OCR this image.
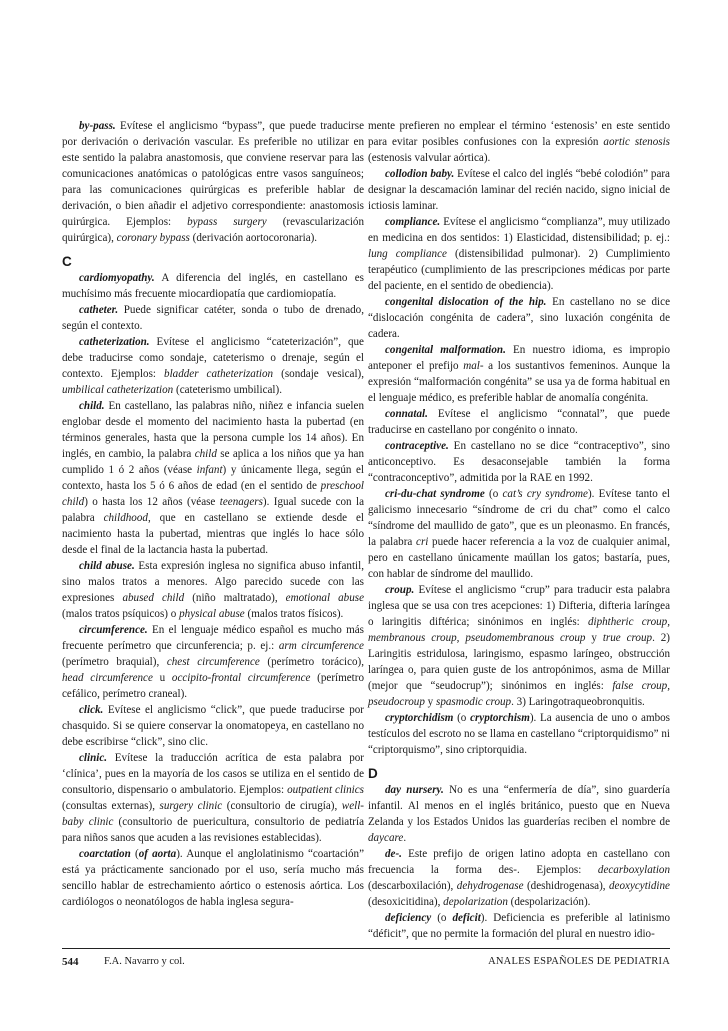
by-pass. Evítese el anglicismo “bypass”, que puede traducirse por derivación o derivación vascular. Es preferible no utilizar en este sentido la palabra anastomosis, que conviene reservar para las comunicaciones anatómicas o patológicas entre vasos sanguíneos; para las comunicaciones quirúrgicas es preferible hablar de derivación, o bien añadir el adjetivo correspondiente: anastomosis quirúrgica. Ejemplos: bypass surgery (revascularización quirúrgica), coronary bypass (derivación aortocoronaria).

C

cardiomyopathy. A diferencia del inglés, en castellano es muchísimo más frecuente miocardiopatía que cardiomiopatía.

catheter. Puede significar catéter, sonda o tubo de drenado, según el contexto.

catheterization. Evítese el anglicismo “cateterización”, que debe traducirse como sondaje, cateterismo o drenaje, según el contexto. Ejemplos: bladder catheterization (sondaje vesical), umbilical catheterization (cateterismo umbilical).

child. En castellano, las palabras niño, niñez e infancia suelen englobar desde el momento del nacimiento hasta la pubertad (en términos generales, hasta que la persona cumple los 14 años). En inglés, en cambio, la palabra child se aplica a los niños que ya han cumplido 1 ó 2 años (véase infant) y únicamente llega, según el contexto, hasta los 5 ó 6 años de edad (en el sentido de preschool child) o hasta los 12 años (véase teenagers). Igual sucede con la palabra childhood, que en castellano se extiende desde el nacimiento hasta la pubertad, mientras que inglés lo hace sólo desde el final de la lactancia hasta la pubertad.

child abuse. Esta expresión inglesa no significa abuso infantil, sino malos tratos a menores. Algo parecido sucede con las expresiones abused child (niño maltratado), emotional abuse (malos tratos psíquicos) o physical abuse (malos tratos físicos).

circumference. En el lenguaje médico español es mucho más frecuente perímetro que circunferencia; p. ej.: arm circumference (perímetro braquial), chest circumference (perímetro torácico), head circumference u occipito-frontal circumference (perímetro cefálico, perímetro craneal).

click. Evítese el anglicismo “click”, que puede traducirse por chasquido. Si se quiere conservar la onomatopeya, en castellano no debe escribirse “click”, sino clic.

clinic. Evítese la traducción acrítica de esta palabra por ‘clínica’, pues en la mayoría de los casos se utiliza en el sentido de consultorio, dispensario o ambulatorio. Ejemplos: outpatient clinics (consultas externas), surgery clinic (consultorio de cirugía), well-baby clinic (consultorio de puericultura, consultorio de pediatría para niños sanos que acuden a las revisiones establecidas).

coarctation (of aorta). Aunque el anglolatinismo “coartación” está ya prácticamente sancionado por el uso, sería mucho más sencillo hablar de estrechamiento aórtico o estenosis aórtica. Los cardiólogos o neonatólogos de habla inglesa segura-

mente prefieren no emplear el término ‘estenosis’ en este sentido para evitar posibles confusiones con la expresión aortic stenosis (estenosis valvular aórtica).

collodion baby. Evítese el calco del inglés “bebé colodión” para designar la descamación laminar del recién nacido, signo inicial de ictiosis laminar.

compliance. Evítese el anglicismo “complianza”, muy utilizado en medicina en dos sentidos: 1) Elasticidad, distensibilidad; p. ej.: lung compliance (distensibilidad pulmonar). 2) Cumplimiento terapéutico (cumplimiento de las prescripciones médicas por parte del paciente, en el sentido de obediencia).

congenital dislocation of the hip. En castellano no se dice “dislocación congénita de cadera”, sino luxación congénita de cadera.

congenital malformation. En nuestro idioma, es impropio anteponer el prefijo mal- a los sustantivos femeninos. Aunque la expresión “malformación congénita” se usa ya de forma habitual en el lenguaje médico, es preferible hablar de anomalía congénita.

connatal. Evítese el anglicismo “connatal”, que puede traducirse en castellano por congénito o innato.

contraceptive. En castellano no se dice “contraceptivo”, sino anticonceptivo. Es desaconsejable también la forma “contraconceptivo”, admitida por la RAE en 1992.

cri-du-chat syndrome (o cat’s cry syndrome). Evítese tanto el galicismo innecesario “síndrome de cri du chat” como el calco “síndrome del maullido de gato”, que es un pleonasmo. En francés, la palabra cri puede hacer referencia a la voz de cualquier animal, pero en castellano únicamente maúllan los gatos; bastaría, pues, con hablar de síndrome del maullido.

croup. Evítese el anglicismo “crup” para traducir esta palabra inglesa que se usa con tres acepciones: 1) Difteria, difteria laríngea o laringitis diftérica; sinónimos en inglés: diphtheric croup, membranous croup, pseudomembranous croup y true croup. 2) Laringitis estridulosa, laringismo, espasmo laríngeo, obstrucción laríngea o, para quien guste de los antropónimos, asma de Millar (mejor que “seudocrup”); sinónimos en inglés: false croup, pseudocroup y spasmodic croup. 3) Laringotraqueobronquitis.

cryptorchidism (o cryptorchism). La ausencia de uno o ambos testículos del escroto no se llama en castellano “criptorquidismo” ni “criptorquismo”, sino criptorquidia.

D

day nursery. No es una “enfermería de día”, sino guardería infantil. Al menos en el inglés británico, puesto que en Nueva Zelanda y los Estados Unidos las guarderías reciben el nombre de daycare.

de-. Este prefijo de origen latino adopta en castellano con frecuencia la forma des-. Ejemplos: decarboxylation (descarboxilación), dehydrogenase (deshidrogenasa), deoxycytidine (desoxicitidina), depolarization (despolarización).

deficiency (o deficit). Deficiencia es preferible al latinismo “déficit”, que no permite la formación del plural en nuestro idio-

544 F.A. Navarro y col.	ANALES ESPAÑOLES DE PEDIATRIA
